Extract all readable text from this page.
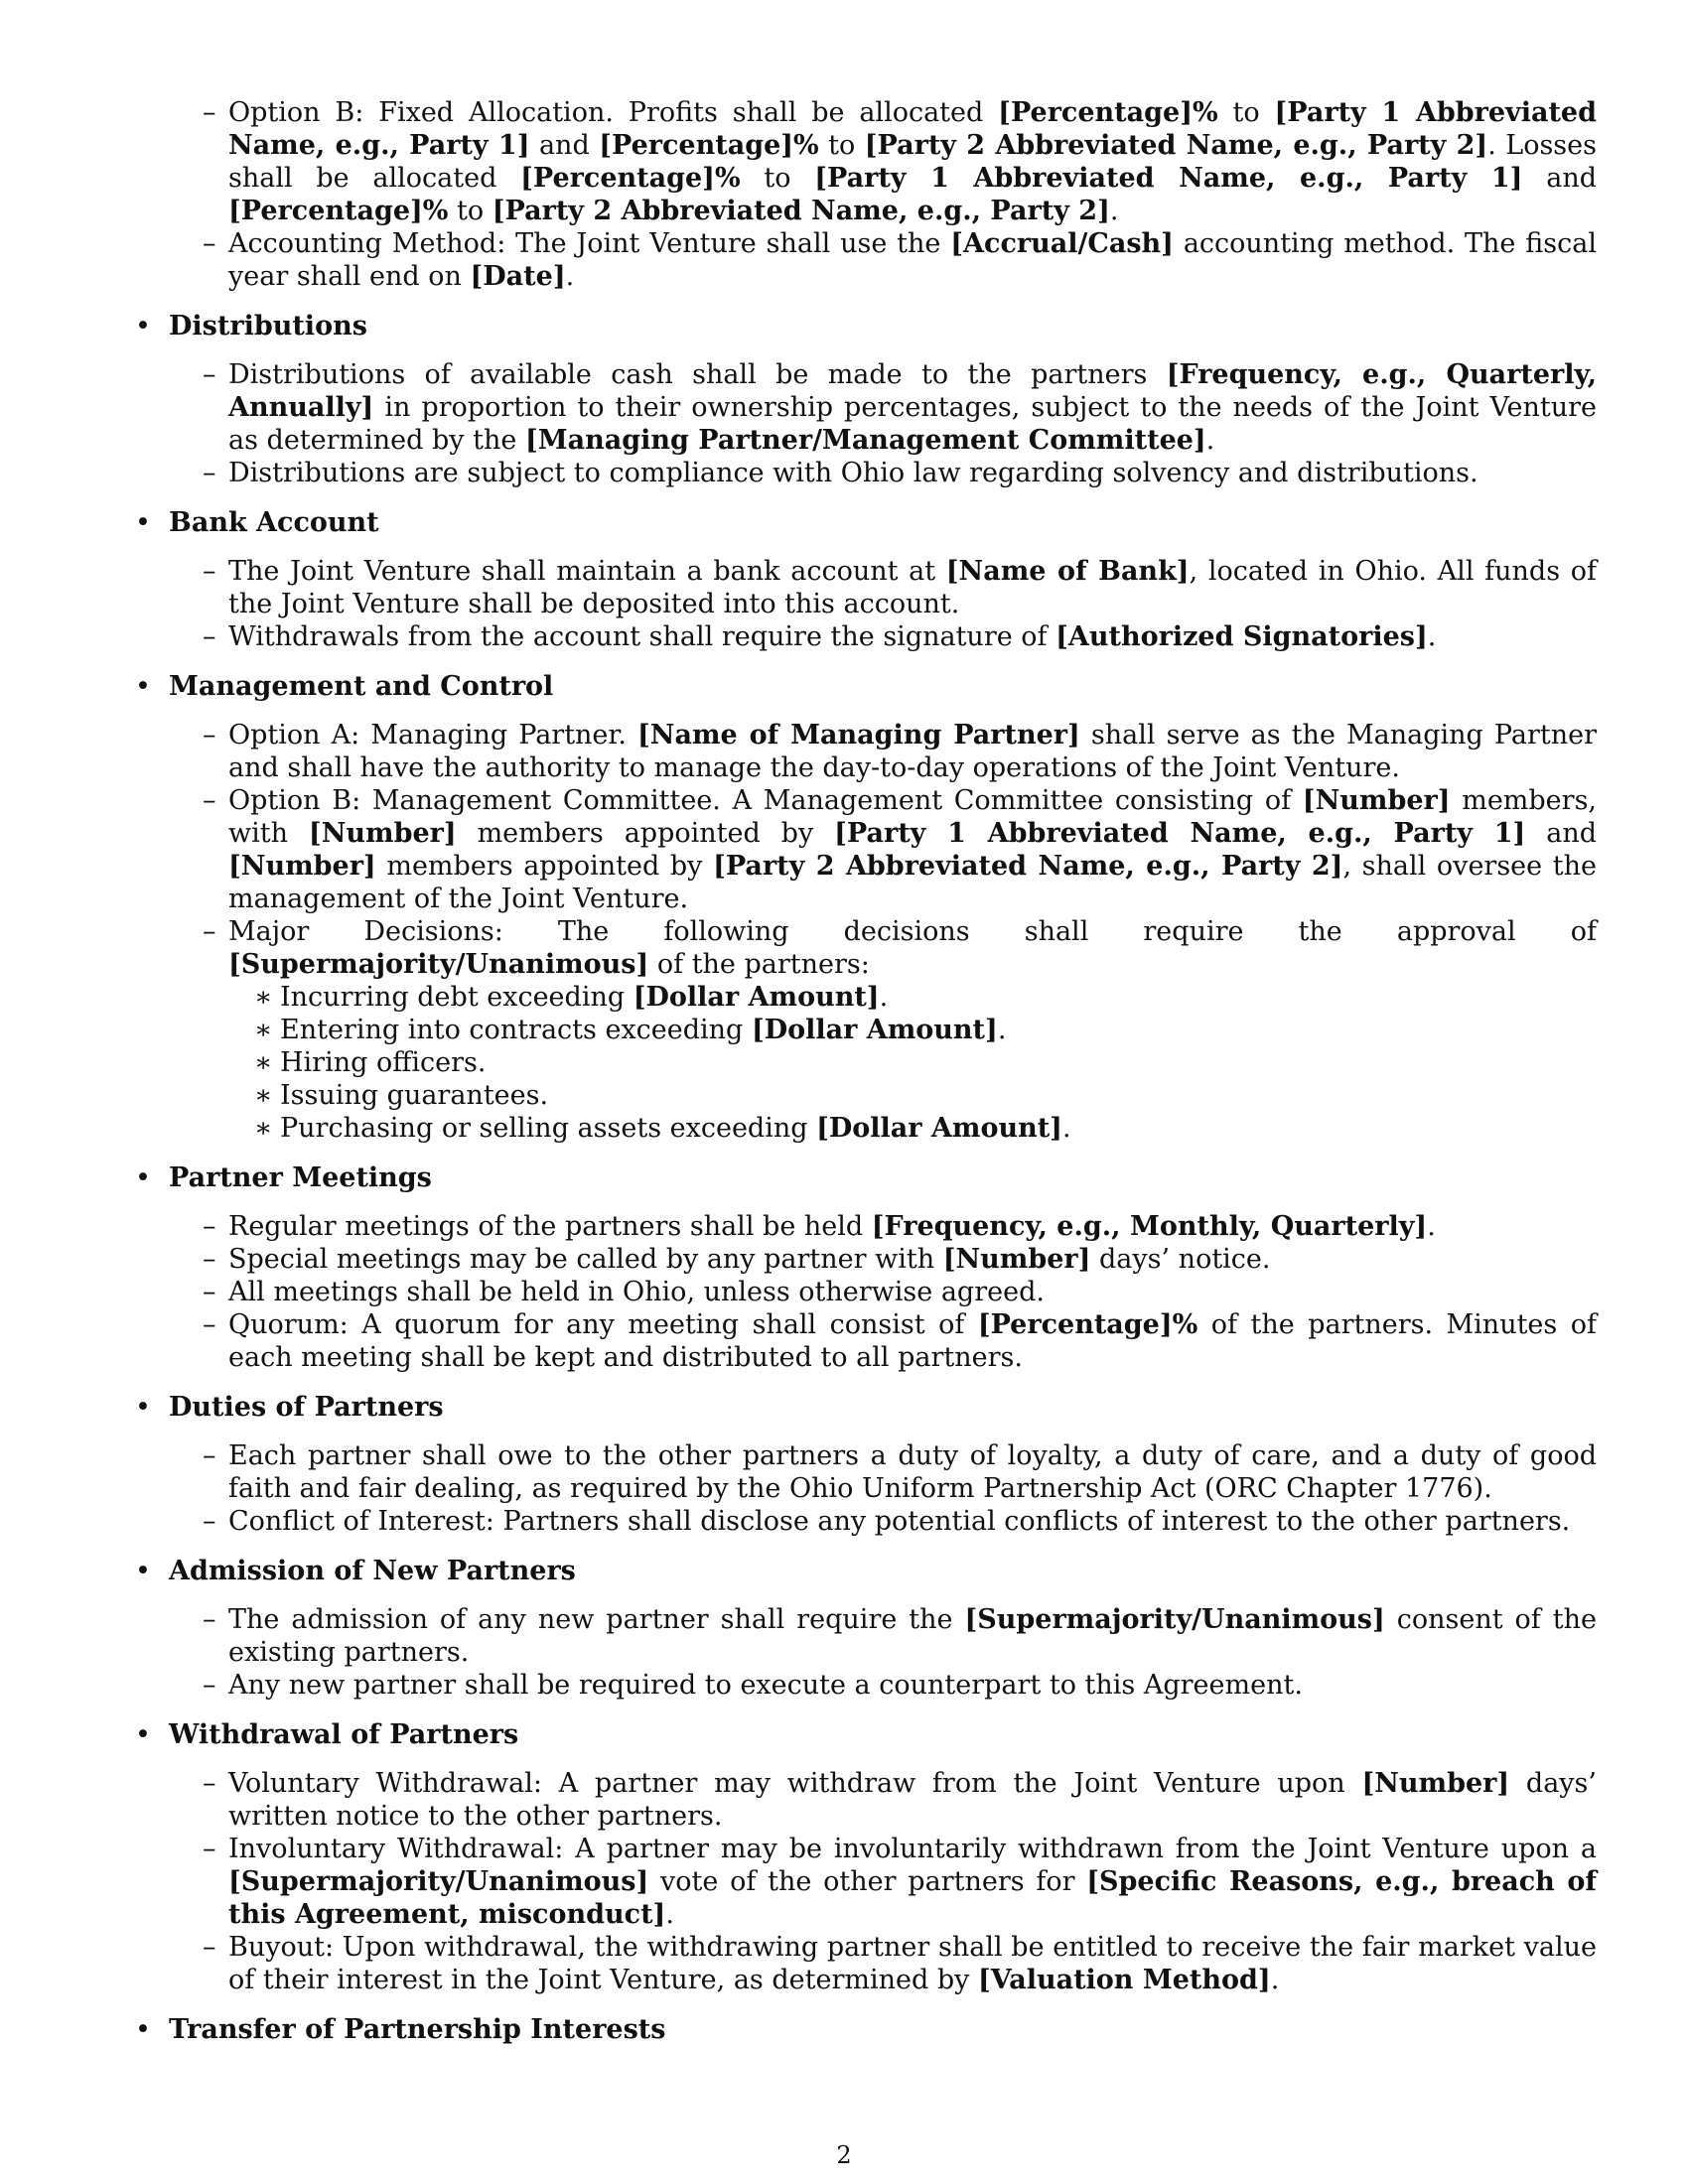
– Option B: Fixed Allocation. Profits shall be allocated [Percentage]% to [Party 1 Abbreviated Name, e.g., Party 1] and [Percentage]% to [Party 2 Abbreviated Name, e.g., Party 2]. Losses shall be allocated [Percentage]% to [Party 1 Abbreviated Name, e.g., Party 1] and [Percentage]% to [Party 2 Abbreviated Name, e.g., Party 2].
– Accounting Method: The Joint Venture shall use the [Accrual/Cash] accounting method. The fiscal year shall end on [Date].
• Distributions
– Distributions of available cash shall be made to the partners [Frequency, e.g., Quarterly, Annually] in proportion to their ownership percentages, subject to the needs of the Joint Venture as determined by the [Managing Partner/Management Committee].
– Distributions are subject to compliance with Ohio law regarding solvency and distributions.
• Bank Account
– The Joint Venture shall maintain a bank account at [Name of Bank], located in Ohio. All funds of the Joint Venture shall be deposited into this account.
– Withdrawals from the account shall require the signature of [Authorized Signatories].
• Management and Control
– Option A: Managing Partner. [Name of Managing Partner] shall serve as the Managing Partner and shall have the authority to manage the day-to-day operations of the Joint Venture.
– Option B: Management Committee. A Management Committee consisting of [Number] members, with [Number] members appointed by [Party 1 Abbreviated Name, e.g., Party 1] and [Number] members appointed by [Party 2 Abbreviated Name, e.g., Party 2], shall oversee the management of the Joint Venture.
– Major Decisions: The following decisions shall require the approval of [Supermajority/Unanimous] of the partners:
∗ Incurring debt exceeding [Dollar Amount].
∗ Entering into contracts exceeding [Dollar Amount].
∗ Hiring officers.
∗ Issuing guarantees.
∗ Purchasing or selling assets exceeding [Dollar Amount].
• Partner Meetings
– Regular meetings of the partners shall be held [Frequency, e.g., Monthly, Quarterly].
– Special meetings may be called by any partner with [Number] days’ notice.
– All meetings shall be held in Ohio, unless otherwise agreed.
– Quorum: A quorum for any meeting shall consist of [Percentage]% of the partners. Minutes of each meeting shall be kept and distributed to all partners.
• Duties of Partners
– Each partner shall owe to the other partners a duty of loyalty, a duty of care, and a duty of good faith and fair dealing, as required by the Ohio Uniform Partnership Act (ORC Chapter 1776).
– Conflict of Interest: Partners shall disclose any potential conflicts of interest to the other partners.
• Admission of New Partners
– The admission of any new partner shall require the [Supermajority/Unanimous] consent of the existing partners.
– Any new partner shall be required to execute a counterpart to this Agreement.
• Withdrawal of Partners
– Voluntary Withdrawal: A partner may withdraw from the Joint Venture upon [Number] days’ written notice to the other partners.
– Involuntary Withdrawal: A partner may be involuntarily withdrawn from the Joint Venture upon a [Supermajority/Unanimous] vote of the other partners for [Specific Reasons, e.g., breach of this Agreement, misconduct].
– Buyout: Upon withdrawal, the withdrawing partner shall be entitled to receive the fair market value of their interest in the Joint Venture, as determined by [Valuation Method].
• Transfer of Partnership Interests
2
